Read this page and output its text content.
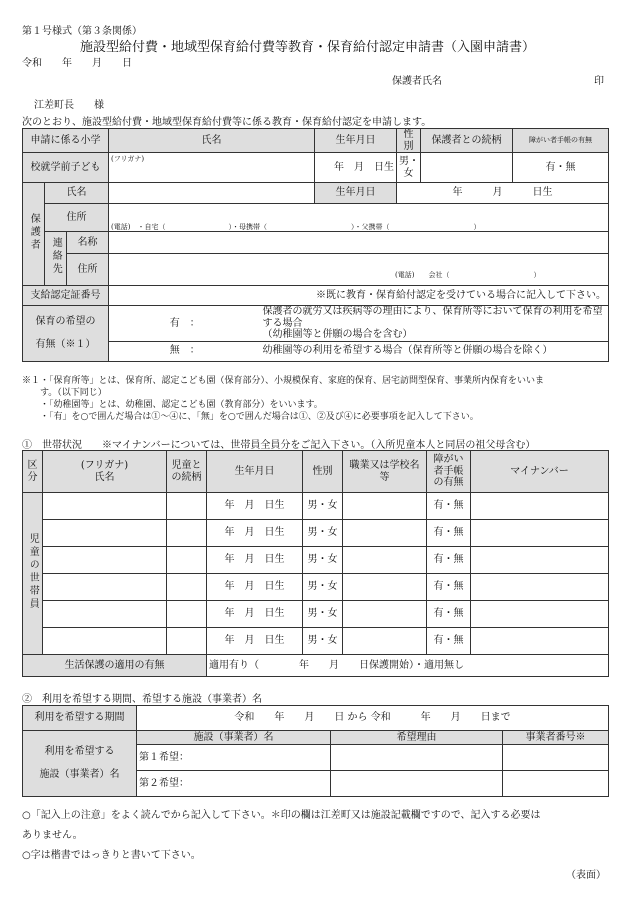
第１号様式（第３条関係）
施設型給付費・地域型保育給付費等教育・保育給付認定申請書（入園申請書）
令和　　年　　月　　日
保護者氏名	印
江差町長　　様
次のとおり、施設型給付費・地域型保育給付費等に係る教育・保育給付認定を申請します。
申請に係る小学			氏名		生年月日	性別	保護者との続柄	障がい者手帳の有無
校就学前子ども			(フリガナ)		年　月　日生	男・女		有・無
保護者	氏名				生年月日	年　　　月　　　日生		
	住所		(電話)　・自宅（　　　　　　　　　）・母携帯（　　　　　　　　　　　　）・父携帯（　　　　　　　　　　　　）					
	連絡先	名称						
		住所						
			(電話)　　会社（　　　　　　　　　　　　）					
支給認定証番号			※既に教育・保育給付認定を受けている場合に記入して下さい。					
保育の希望の

有無（※１）			有　：	保護者の就労又は疾病等の理由により、保育所等において保育の利用を希望する場合
（幼稚園等と併願の場合を含む）				
			無　：	幼稚園等の利用を希望する場合（保育所等と併願の場合を除く）				
※１・「保育所等」とは、保育所、認定こども園（保育部分）、小規模保育、家庭的保育、居宅訪問型保育、事業所内保育をいいま
　　す。（以下同じ）
　　・「幼稚園等」とは、幼稚園、認定こども園（教育部分）をいいます。
　　・「有」を○で囲んだ場合は①～④に、「無」を○で囲んだ場合は①、②及び④に必要事項を記入して下さい。
①　世帯状況　　※マイナンバーについては、世帯員全員分をご記入下さい。（入所児童本人と同居の祖父母含む）
区分	(フリガナ)
氏名	児童との続柄	生年月日	性別	職業又は学校名等	障がい者手帳の有無	マイナンバー
児童の世帯員			年　月　日生	男・女		有・無	
			年　月　日生	男・女		有・無	
			年　月　日生	男・女		有・無	
			年　月　日生	男・女		有・無	
			年　月　日生	男・女		有・無	
			年　月　日生	男・女		有・無	
生活保護の適用の有無			適用有り（　　　　年　　月　　日保護開始）・適用無し				
②　利用を希望する期間、希望する施設（事業者）名
利用を希望する期間	令和　　年　　月　　日 から 令和　　　年　　月　　日まで		
利用を希望する

施設（事業者）名	施設（事業者）名	希望理由	事業者番号※
	第１希望：		
	第２希望：		
○「記入上の注意」をよく読んでから記入して下さい。＊印の欄は江差町又は施設記載欄ですので、記入する必要は
ありません。
○字は楷書ではっきりと書いて下さい。
（表面）
